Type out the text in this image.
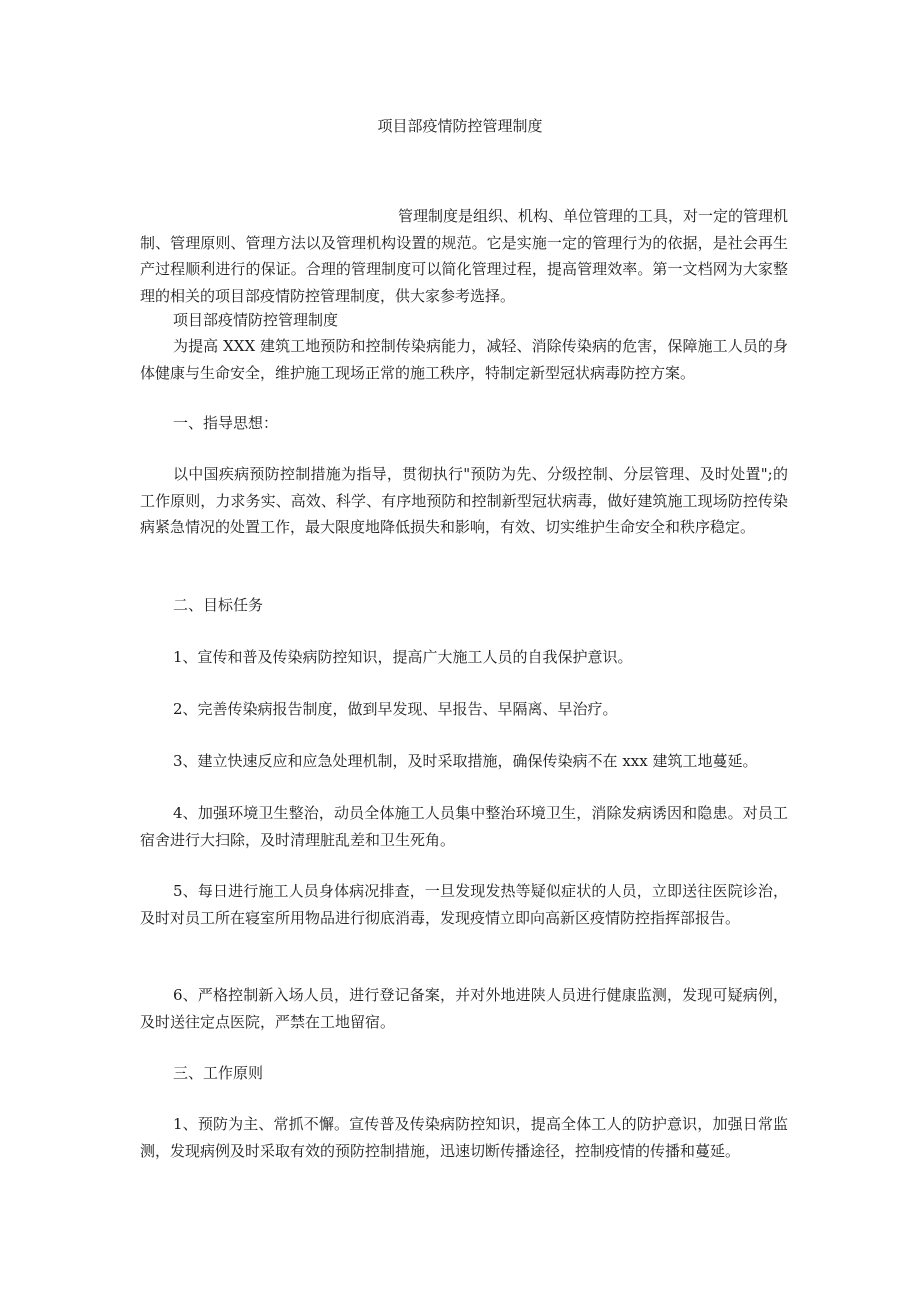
项目部疫情防控管理制度
管理制度是组织、机构、单位管理的工具，对一定的管理机制、管理原则、管理方法以及管理机构设置的规范。它是实施一定的管理行为的依据，是社会再生产过程顺利进行的保证。合理的管理制度可以简化管理过程，提高管理效率。第一文档网为大家整理的相关的项目部疫情防控管理制度，供大家参考选择。
项目部疫情防控管理制度
为提高 XXX 建筑工地预防和控制传染病能力，减轻、消除传染病的危害，保障施工人员的身体健康与生命安全，维护施工现场正常的施工秩序，特制定新型冠状病毒防控方案。
一、指导思想：
以中国疾病预防控制措施为指导，贯彻执行"预防为先、分级控制、分层管理、及时处置";的工作原则，力求务实、高效、科学、有序地预防和控制新型冠状病毒，做好建筑施工现场防控传染病紧急情况的处置工作，最大限度地降低损失和影响，有效、切实维护生命安全和秩序稳定。
二、目标任务
1、宣传和普及传染病防控知识，提高广大施工人员的自我保护意识。
2、完善传染病报告制度，做到早发现、早报告、早隔离、早治疗。
3、建立快速反应和应急处理机制，及时采取措施，确保传染病不在 xxx 建筑工地蔓延。
4、加强环境卫生整治，动员全体施工人员集中整治环境卫生，消除发病诱因和隐患。对员工宿舍进行大扫除，及时清理脏乱差和卫生死角。
5、每日进行施工人员身体病况排查，一旦发现发热等疑似症状的人员，立即送往医院诊治，及时对员工所在寝室所用物品进行彻底消毒，发现疫情立即向高新区疫情防控指挥部报告。
6、严格控制新入场人员，进行登记备案，并对外地进陕人员进行健康监测，发现可疑病例，及时送往定点医院，严禁在工地留宿。
三、工作原则
1、预防为主、常抓不懈。宣传普及传染病防控知识，提高全体工人的防护意识，加强日常监测，发现病例及时采取有效的预防控制措施，迅速切断传播途径，控制疫情的传播和蔓延。
